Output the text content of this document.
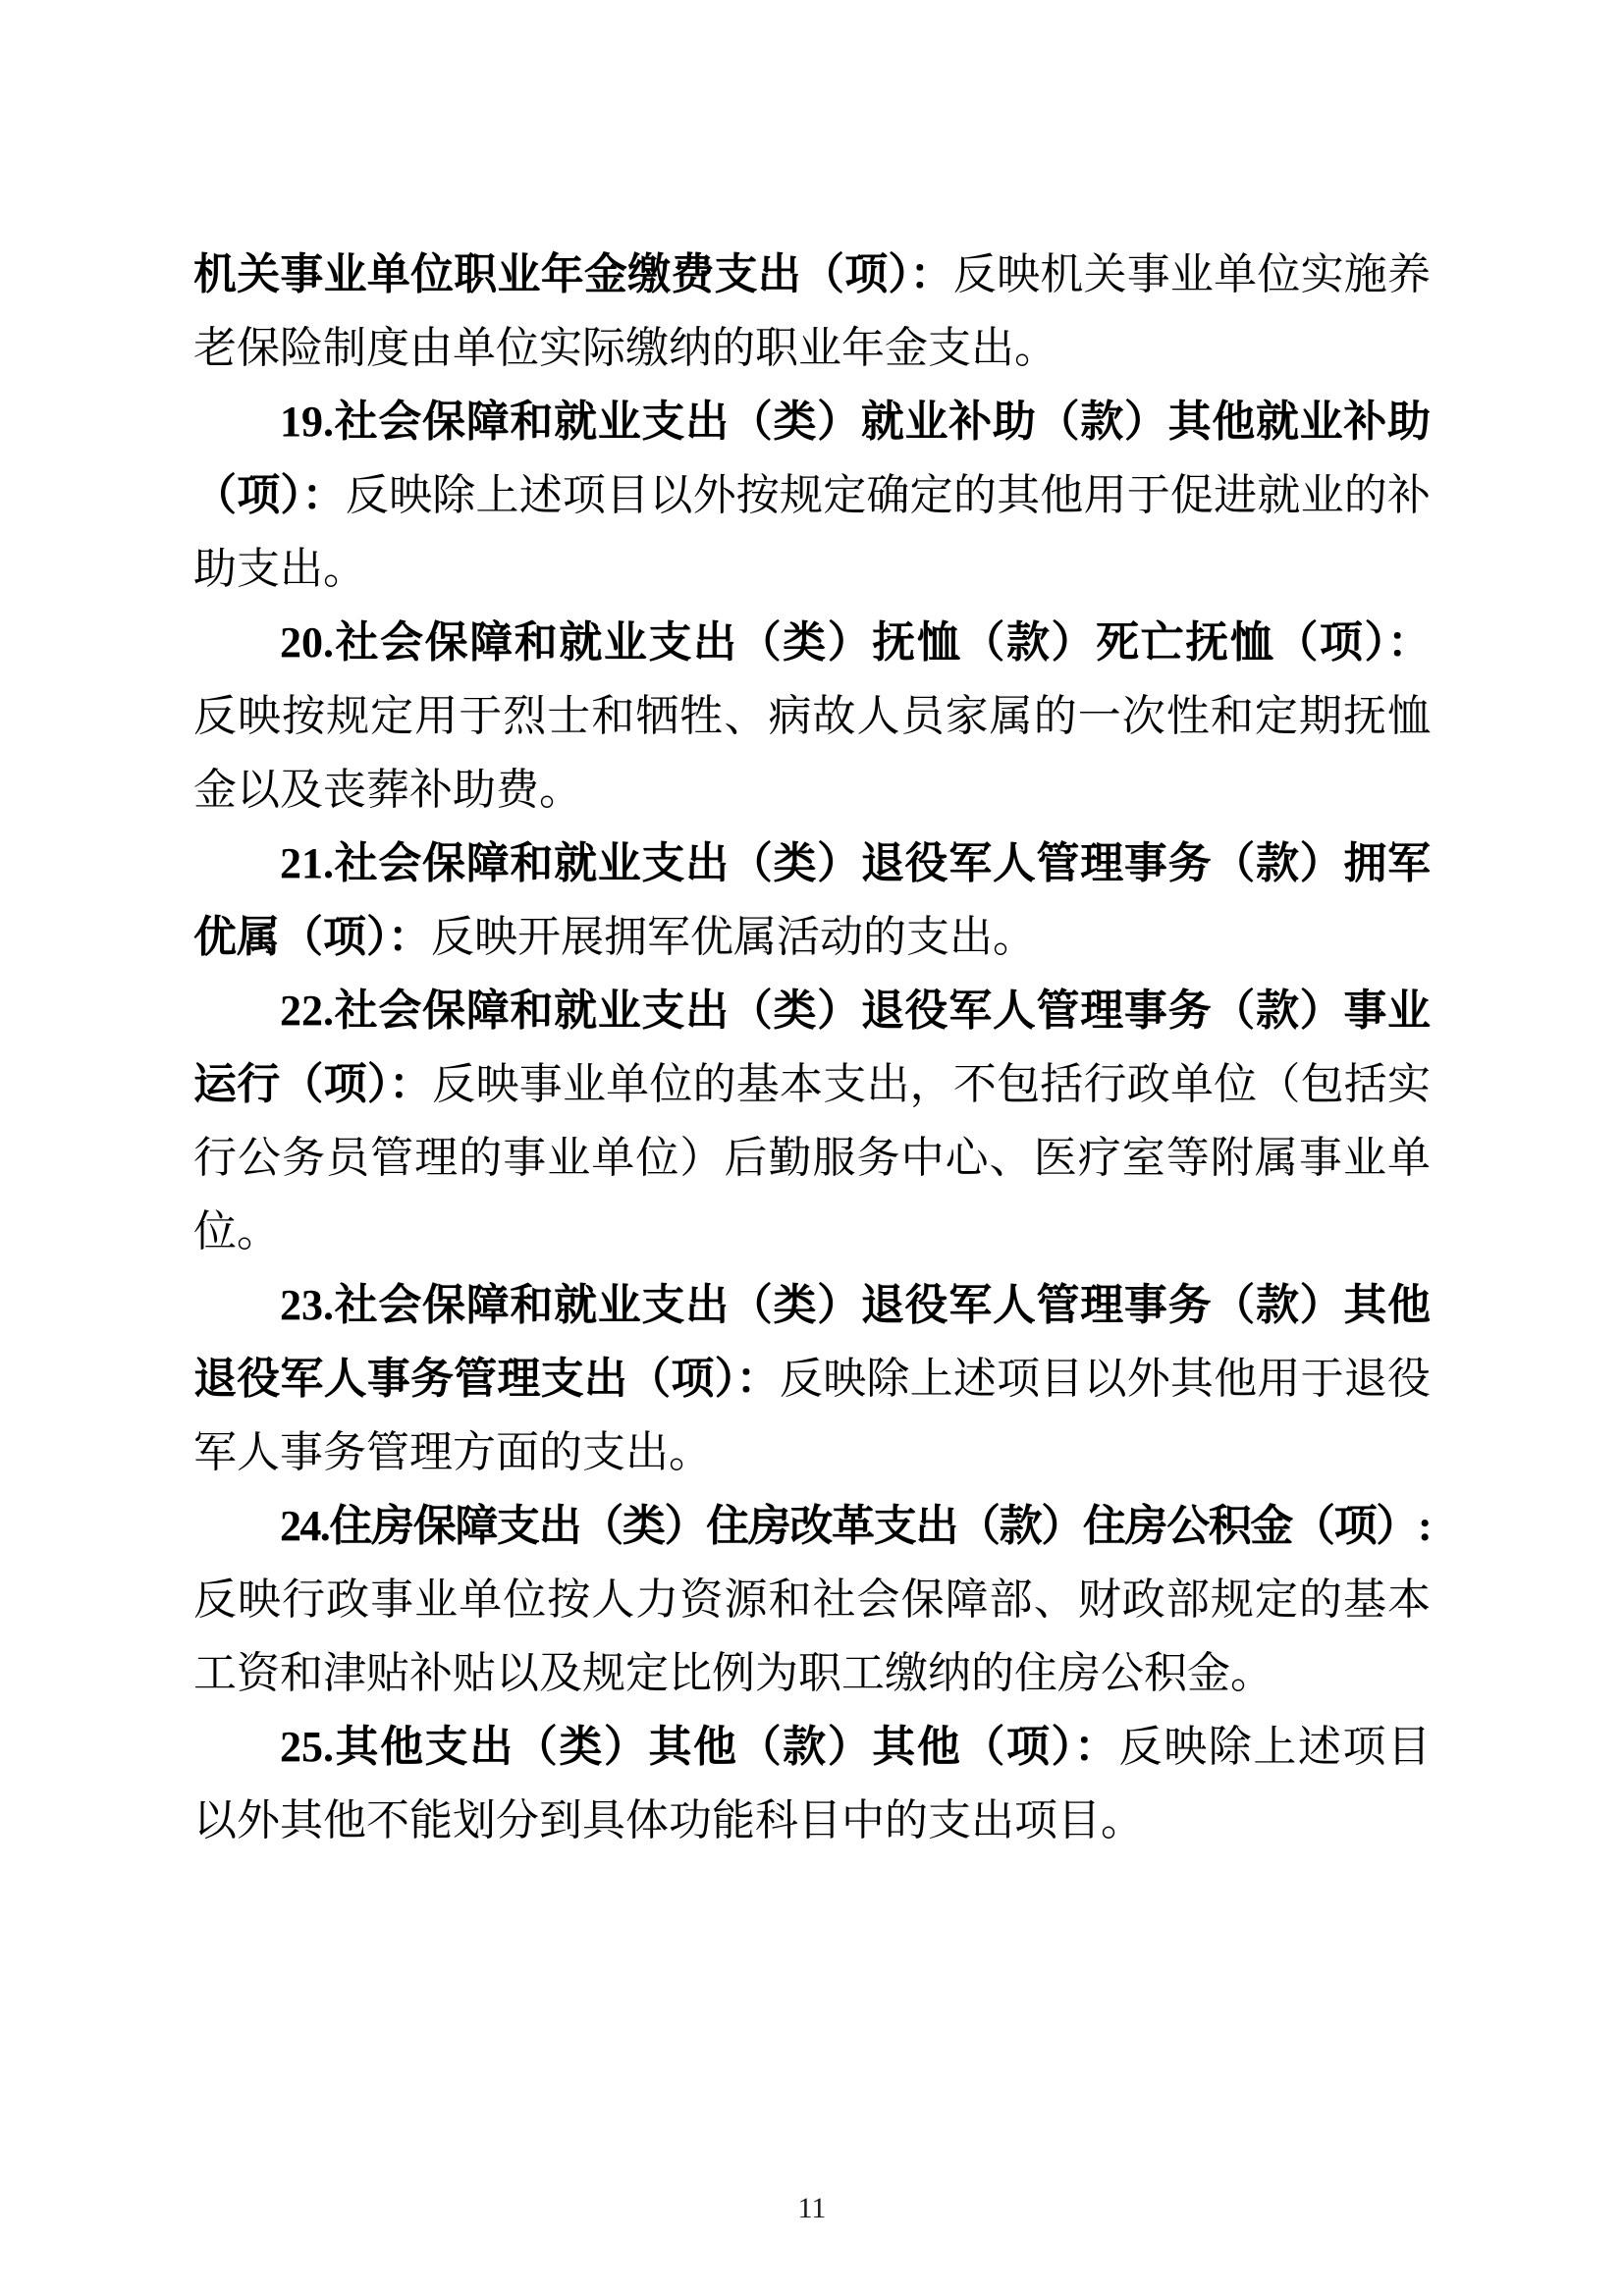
机关事业单位职业年金缴费支出（项）：反映机关事业单位实施养老保险制度由单位实际缴纳的职业年金支出。

19.社会保障和就业支出（类）就业补助（款）其他就业补助（项）：反映除上述项目以外按规定确定的其他用于促进就业的补助支出。

20.社会保障和就业支出（类）抚恤（款）死亡抚恤（项）：反映按规定用于烈士和牺牲、病故人员家属的一次性和定期抚恤金以及丧葬补助费。

21.社会保障和就业支出（类）退役军人管理事务（款）拥军优属（项）：反映开展拥军优属活动的支出。

22.社会保障和就业支出（类）退役军人管理事务（款）事业运行（项）：反映事业单位的基本支出，不包括行政单位（包括实行公务员管理的事业单位）后勤服务中心、医疗室等附属事业单位。

23.社会保障和就业支出（类）退役军人管理事务（款）其他退役军人事务管理支出（项）：反映除上述项目以外其他用于退役军人事务管理方面的支出。

24.住房保障支出（类）住房改革支出（款）住房公积金（项）:反映行政事业单位按人力资源和社会保障部、财政部规定的基本工资和津贴补贴以及规定比例为职工缴纳的住房公积金。

25.其他支出（类）其他（款）其他（项）：反映除上述项目以外其他不能划分到具体功能科目中的支出项目。

11
